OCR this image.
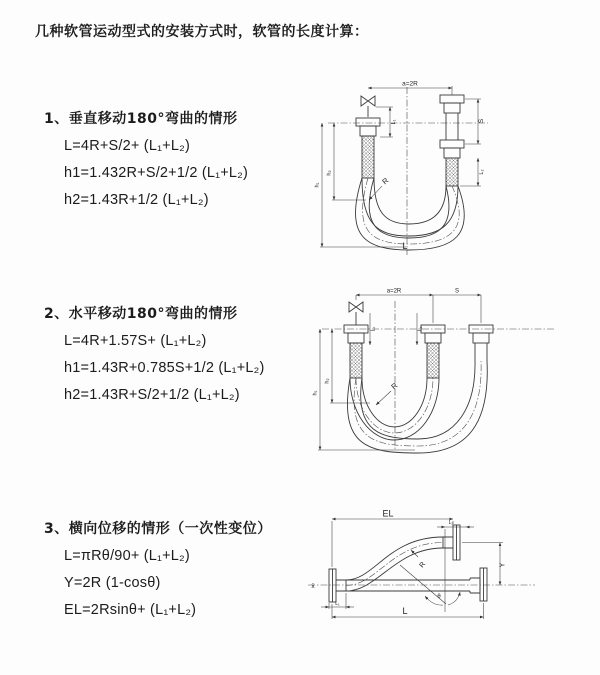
几种软管运动型式的安装方式时，软管的长度计算：
1、垂直移动180°弯曲的情形
L=4R+S/2+ (L₁+L₂)
h1=1.432R+S/2+1/2 (L₁+L₂)
h2=1.43R+1/2 (L₁+L₂)
a=2R
S
L₂
h₁
h₂
L₁
R
L
2、水平移动180°弯曲的情形
L=4R+1.57S+ (L₁+L₂)
h1=1.43R+0.785S+1/2 (L₁+L₂)
h2=1.43R+S/2+1/2 (L₁+L₂)
a=2R	S
L₁	L₂
h₁
h₂	R
3、横向位移的情形（一次性变位）
L=πRθ/90+ (L₁+L₂)
Y=2R (1-cosθ)
EL=2Rsinθ+ (L₁+L₂)
EL
L₂
Y
θ
R
L
L₁
x̄
